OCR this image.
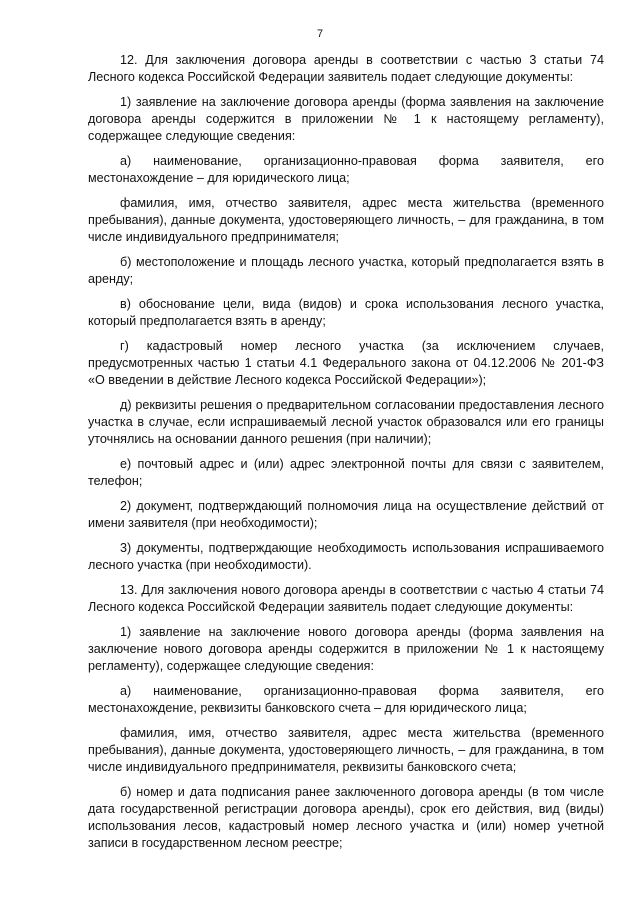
7

12. Для заключения договора аренды в соответствии с частью 3 статьи 74 Лесного кодекса Российской Федерации заявитель подает следующие документы:

1) заявление на заключение договора аренды (форма заявления на заключение договора аренды содержится в приложении № 1 к настоящему регламенту), содержащее следующие сведения:

а) наименование, организационно-правовая форма заявителя, его местонахождение – для юридического лица;

фамилия, имя, отчество заявителя, адрес места жительства (временного пребывания), данные документа, удостоверяющего личность, – для гражданина, в том числе индивидуального предпринимателя;

б) местоположение и площадь лесного участка, который предполагается взять в аренду;

в) обоснование цели, вида (видов) и срока использования лесного участка, который предполагается взять в аренду;

г) кадастровый номер лесного участка (за исключением случаев, предусмотренных частью 1 статьи 4.1 Федерального закона от 04.12.2006 № 201-ФЗ «О введении в действие Лесного кодекса Российской Федерации»);

д) реквизиты решения о предварительном согласовании предоставления лесного участка в случае, если испрашиваемый лесной участок образовался или его границы уточнялись на основании данного решения (при наличии);

е) почтовый адрес и (или) адрес электронной почты для связи с заявителем, телефон;

2) документ, подтверждающий полномочия лица на осуществление действий от имени заявителя (при необходимости);

3) документы, подтверждающие необходимость использования испрашиваемого лесного участка (при необходимости).

13. Для заключения нового договора аренды в соответствии с частью 4 статьи 74 Лесного кодекса Российской Федерации заявитель подает следующие документы:

1) заявление на заключение нового договора аренды (форма заявления на заключение нового договора аренды содержится в приложении № 1 к настоящему регламенту), содержащее следующие сведения:

а) наименование, организационно-правовая форма заявителя, его местонахождение, реквизиты банковского счета – для юридического лица;

фамилия, имя, отчество заявителя, адрес места жительства (временного пребывания), данные документа, удостоверяющего личность, – для гражданина, в том числе индивидуального предпринимателя, реквизиты банковского счета;

б) номер и дата подписания ранее заключенного договора аренды (в том числе дата государственной регистрации договора аренды), срок его действия, вид (виды) использования лесов, кадастровый номер лесного участка и (или) номер учетной записи в государственном лесном реестре;
